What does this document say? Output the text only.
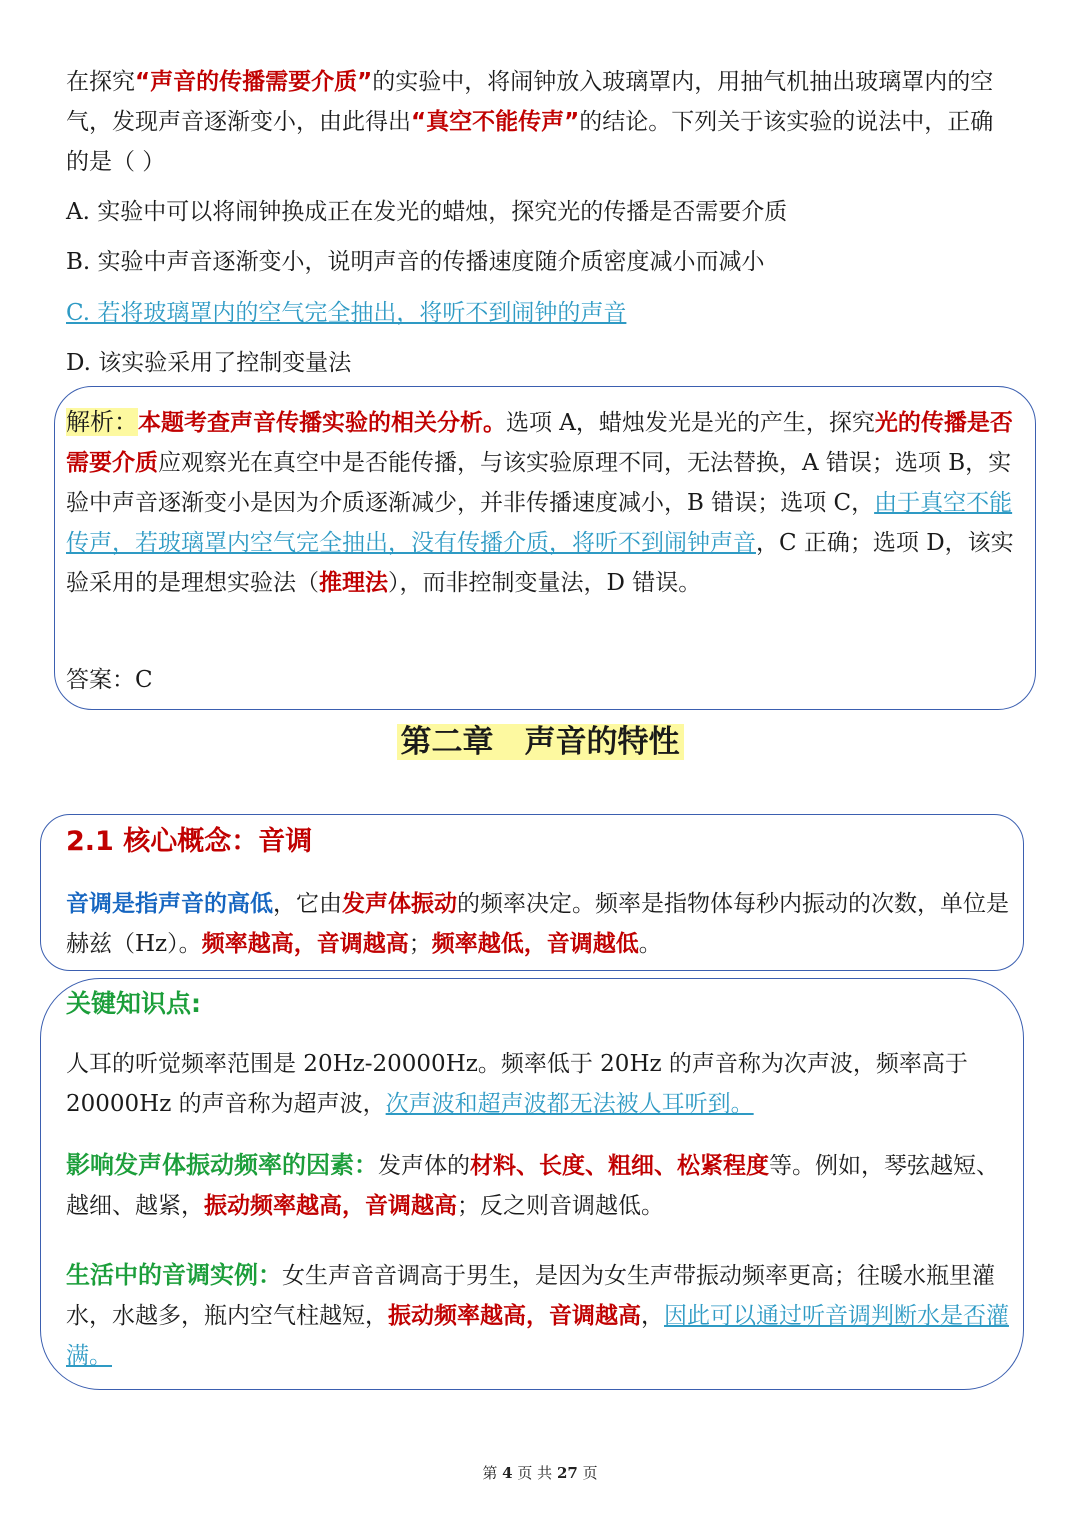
在探究“声音的传播需要介质”的实验中，将闹钟放入玻璃罩内，用抽气机抽出玻璃罩内的空气，发现声音逐渐变小，由此得出“真空不能传声”的结论。下列关于该实验的说法中，正确的是（ ）

A. 实验中可以将闹钟换成正在发光的蜡烛，探究光的传播是否需要介质

B. 实验中声音逐渐变小，说明声音的传播速度随介质密度减小而减小

C. 若将玻璃罩内的空气完全抽出，将听不到闹钟的声音

D. 该实验采用了控制变量法

解析：本题考查声音传播实验的相关分析。选项 A，蜡烛发光是光的产生，探究光的传播是否需要介质应观察光在真空中是否能传播，与该实验原理不同，无法替换，A 错误；选项 B，实验中声音逐渐变小是因为介质逐渐减少，并非传播速度减小，B 错误；选项 C，由于真空不能传声，若玻璃罩内空气完全抽出，没有传播介质，将听不到闹钟声音，C 正确；选项 D，该实验采用的是理想实验法（推理法），而非控制变量法，D 错误。

答案：C

第二章　声音的特性
2.1 核心概念：音调

音调是指声音的高低，它由发声体振动的频率决定。频率是指物体每秒内振动的次数，单位是赫兹（Hz）。频率越高，音调越高；频率越低，音调越低。

关键知识点:

人耳的听觉频率范围是 20Hz-20000Hz。频率低于 20Hz 的声音称为次声波，频率高于 20000Hz 的声音称为超声波，次声波和超声波都无法被人耳听到。

影响发声体振动频率的因素：发声体的材料、长度、粗细、松紧程度等。例如，琴弦越短、越细、越紧，振动频率越高，音调越高；反之则音调越低。

生活中的音调实例：女生声音音调高于男生，是因为女生声带振动频率更高；往暖水瓶里灌水，水越多，瓶内空气柱越短，振动频率越高，音调越高，因此可以通过听音调判断水是否灌满。

第 4 页 共 27 页
